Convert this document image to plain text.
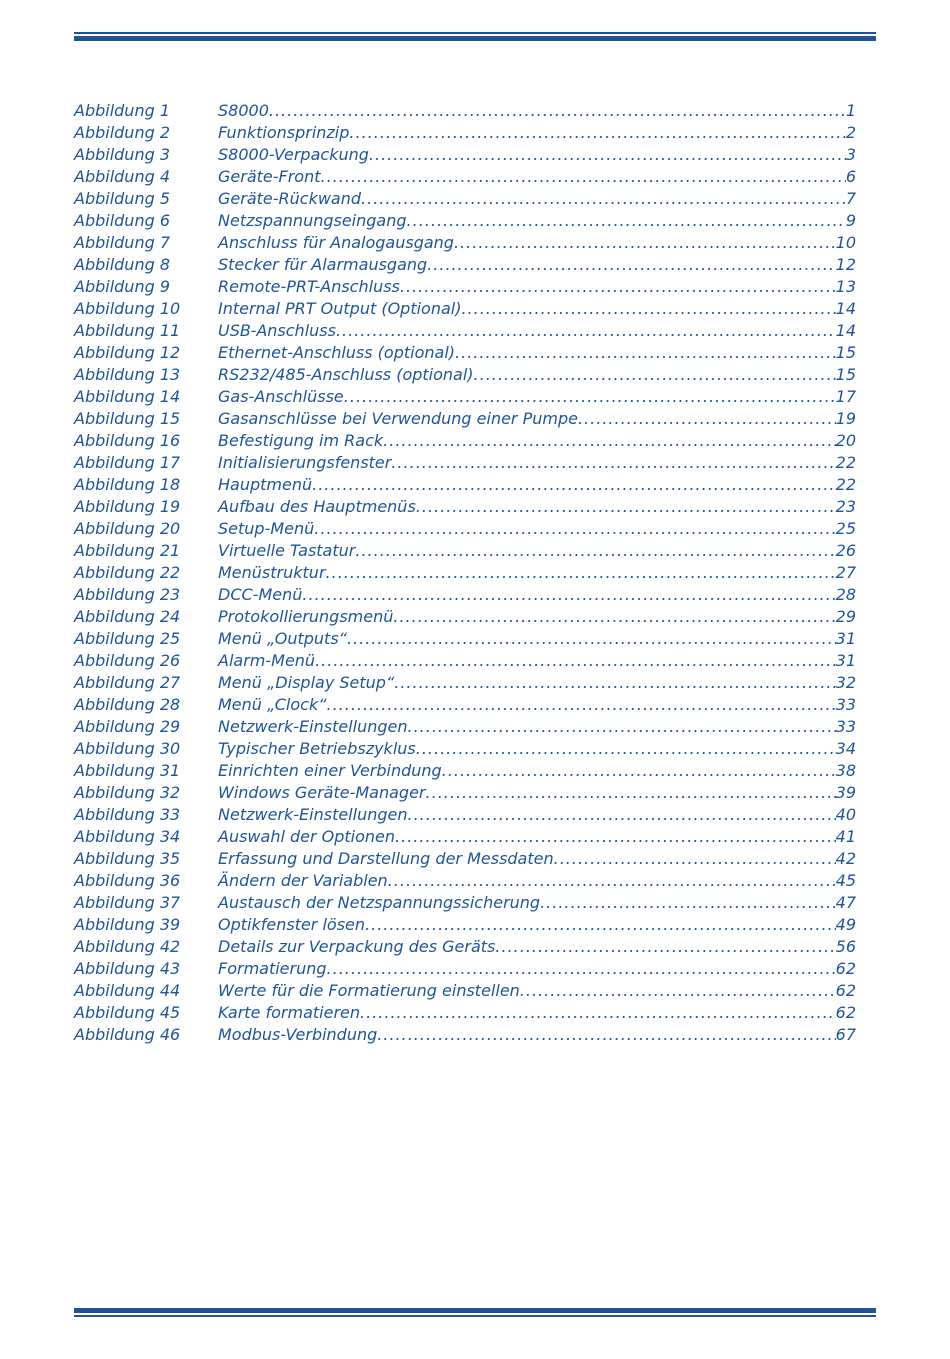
Abbildung 1	S8000 .....	1
Abbildung 2	Funktionsprinzip .....	2
Abbildung 3	S8000-Verpackung .....	3
Abbildung 4	Geräte-Front .....	6
Abbildung 5	Geräte-Rückwand .....	7
Abbildung 6	Netzspannungseingang .....	9
Abbildung 7	Anschluss für Analogausgang .....	10
Abbildung 8	Stecker für Alarmausgang .....	12
Abbildung 9	Remote-PRT-Anschluss .....	13
Abbildung 10 Internal PRT Output (Optional) .....	14
Abbildung 11 USB-Anschluss .....	14
Abbildung 12 Ethernet-Anschluss (optional) .....	15
Abbildung 13 RS232/485-Anschluss (optional) .....	15
Abbildung 14 Gas-Anschlüsse .....	17
Abbildung 15 Gasanschlüsse bei Verwendung einer Pumpe .....	19
Abbildung 16 Befestigung im Rack .....	20
Abbildung 17 Initialisierungsfenster .....	22
Abbildung 18 Hauptmenü .....	22
Abbildung 19 Aufbau des Hauptmenüs .....	23
Abbildung 20 Setup-Menü .....	25
Abbildung 21 Virtuelle Tastatur .....	26
Abbildung 22 Menüstruktur .....	27
Abbildung 23 DCC-Menü .....	28
Abbildung 24 Protokollierungsmenü .....	29
Abbildung 25 Menü „Outputs“ .....	31
Abbildung 26 Alarm-Menü .....	31
Abbildung 27 Menü „Display Setup“ .....	32
Abbildung 28 Menü „Clock“ .....	33
Abbildung 29 Netzwerk-Einstellungen .....	33
Abbildung 30 Typischer Betriebszyklus .....	34
Abbildung 31 Einrichten einer Verbindung .....	38
Abbildung 32 Windows Geräte-Manager .....	39
Abbildung 33 Netzwerk-Einstellungen .....	40
Abbildung 34 Auswahl der Optionen .....	41
Abbildung 35 Erfassung und Darstellung der Messdaten .....	42
Abbildung 36 Ändern der Variablen .....	45
Abbildung 37 Austausch der Netzspannungssicherung .....	47
Abbildung 39 Optikfenster lösen .....	49
Abbildung 42 Details zur Verpackung des Geräts .....	56
Abbildung 43 Formatierung .....	62
Abbildung 44 Werte für die Formatierung einstellen .....	62
Abbildung 45 Karte formatieren .....	62
Abbildung 46 Modbus-Verbindung .....	67
